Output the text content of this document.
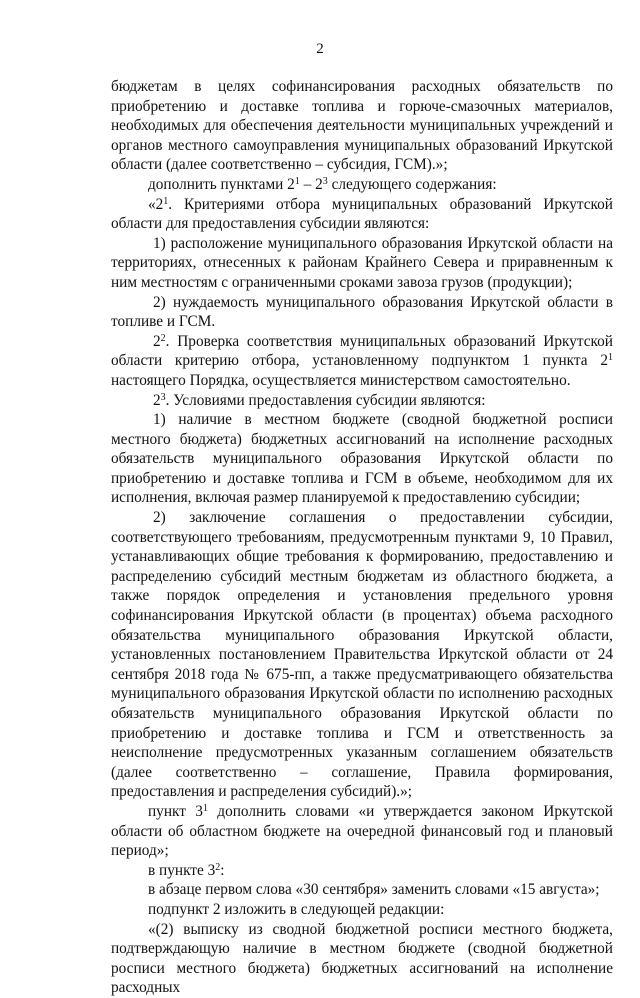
2

бюджетам в целях софинансирования расходных обязательств по приобретению и доставке топлива и горюче-смазочных материалов, необходимых для обеспечения деятельности муниципальных учреждений и органов местного самоуправления муниципальных образований Иркутской области (далее соответственно – субсидия, ГСМ).»;

дополнить пунктами $2^1 - 2^3$ следующего содержания:

«$2^1$. Критериями отбора муниципальных образований Иркутской области для предоставления субсидии являются:

1) расположение муниципального образования Иркутской области на территориях, отнесенных к районам Крайнего Севера и приравненным к ним местностям с ограниченными сроками завоза грузов (продукции);

2) нуждаемость муниципального образования Иркутской области в топливе и ГСМ.

$2^2$. Проверка соответствия муниципальных образований Иркутской области критерию отбора, установленному подпунктом 1 пункта $2^1$ настоящего Порядка, осуществляется министерством самостоятельно.

$2^3$. Условиями предоставления субсидии являются:

1) наличие в местном бюджете (сводной бюджетной росписи местного бюджета) бюджетных ассигнований на исполнение расходных обязательств муниципального образования Иркутской области по приобретению и доставке топлива и ГСМ в объеме, необходимом для их исполнения, включая размер планируемой к предоставлению субсидии;

2) заключение соглашения о предоставлении субсидии, соответствующего требованиям, предусмотренным пунктами 9, 10 Правил, устанавливающих общие требования к формированию, предоставлению и распределению субсидий местным бюджетам из областного бюджета, а также порядок определения и установления предельного уровня софинансирования Иркутской области (в процентах) объема расходного обязательства муниципального образования Иркутской области, установленных постановлением Правительства Иркутской области от 24 сентября 2018 года № 675-пп, а также предусматривающего обязательства муниципального образования Иркутской области по исполнению расходных обязательств муниципального образования Иркутской области по приобретению и доставке топлива и ГСМ и ответственность за неисполнение предусмотренных указанным соглашением обязательств (далее соответственно – соглашение, Правила формирования, предоставления и распределения субсидий).»;

пункт $3^1$ дополнить словами «и утверждается законом Иркутской области об областном бюджете на очередной финансовый год и плановый период»;

в пункте $3^2$:

в абзаце первом слова «30 сентября» заменить словами «15 августа»;

подпункт 2 изложить в следующей редакции:

«(2) выписку из сводной бюджетной росписи местного бюджета, подтверждающую наличие в местном бюджете (сводной бюджетной росписи местного бюджета) бюджетных ассигнований на исполнение расходных
